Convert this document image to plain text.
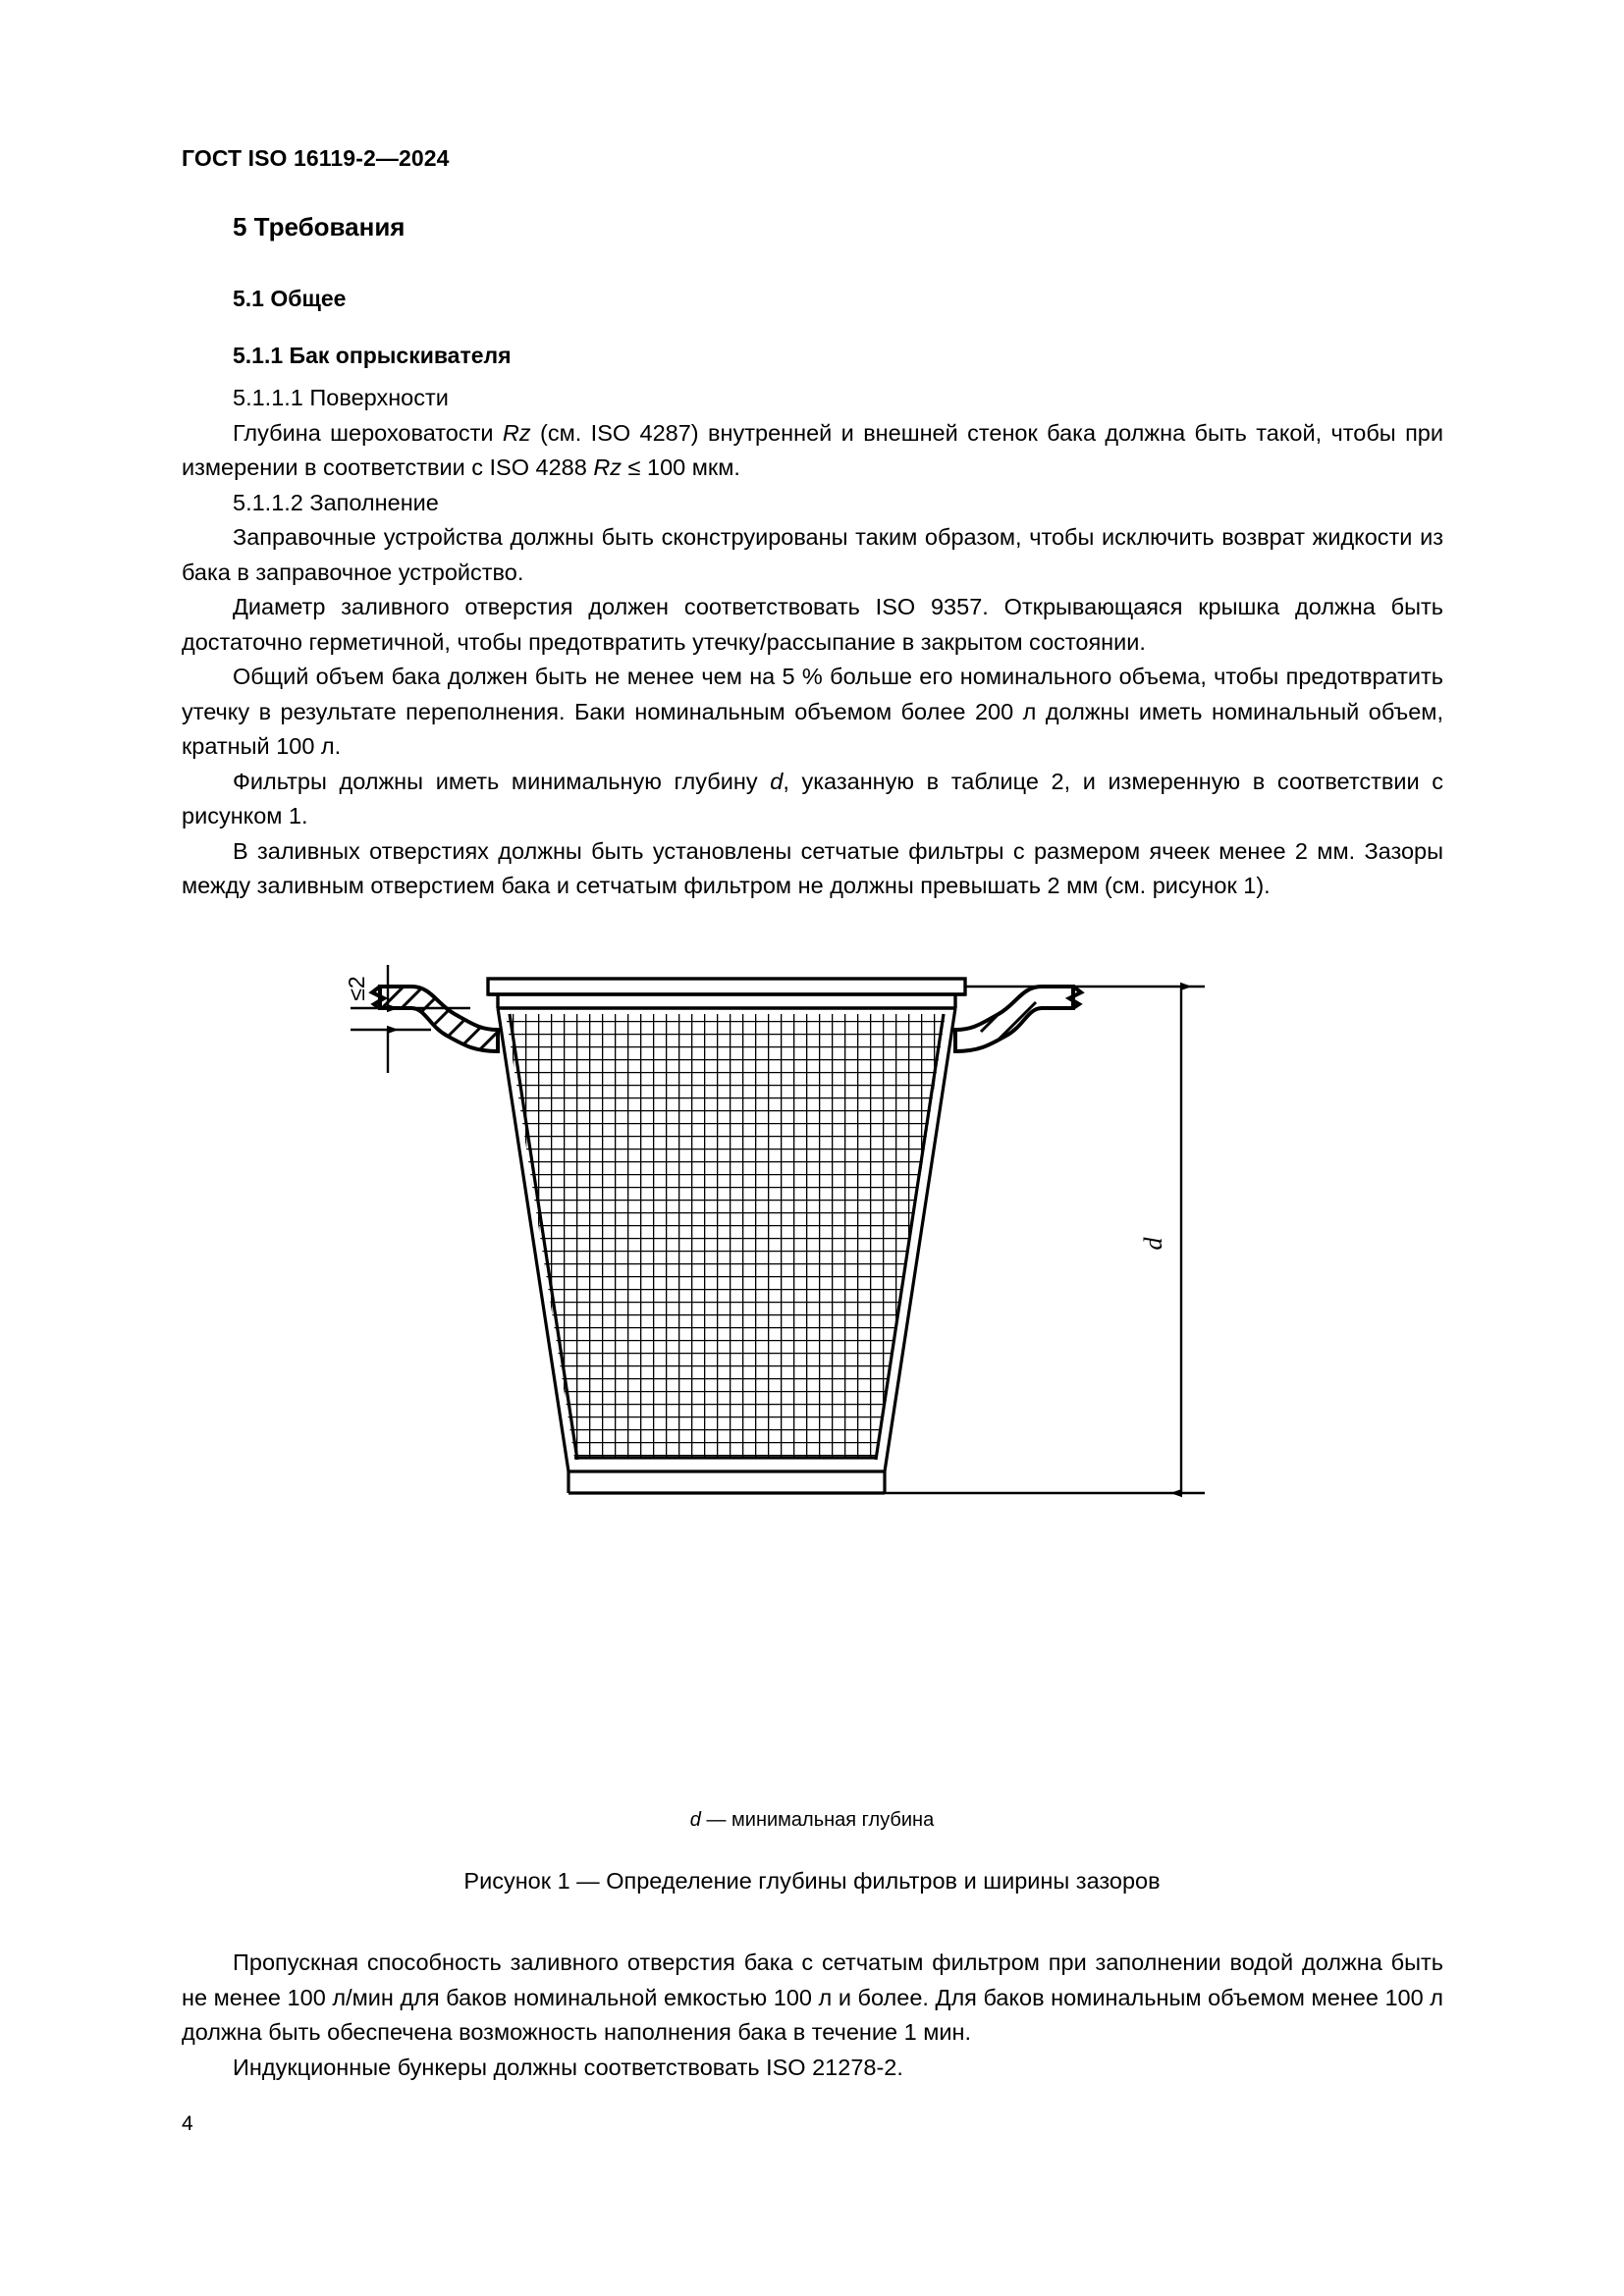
ГОСТ ISO 16119-2—2024
5 Требования
5.1 Общее
5.1.1 Бак опрыскивателя

5.1.1.1 Поверхности

Глубина шероховатости Rz (см. ISO 4287) внутренней и внешней стенок бака должна быть такой, чтобы при измерении в соответствии с ISO 4288 Rz ≤ 100 мкм.

5.1.1.2 Заполнение

Заправочные устройства должны быть сконструированы таким образом, чтобы исключить возврат жидкости из бака в заправочное устройство.

Диаметр заливного отверстия должен соответствовать ISO 9357. Открывающаяся крышка должна быть достаточно герметичной, чтобы предотвратить утечку/рассыпание в закрытом состоянии.

Общий объем бака должен быть не менее чем на 5 % больше его номинального объема, чтобы предотвратить утечку в результате переполнения. Баки номинальным объемом более 200 л должны иметь номинальный объем, кратный 100 л.

Фильтры должны иметь минимальную глубину d, указанную в таблице 2, и измеренную в соответствии с рисунком 1.

В заливных отверстиях должны быть установлены сетчатые фильтры с размером ячеек менее 2 мм. Зазоры между заливным отверстием бака и сетчатым фильтром не должны превышать 2 мм (см. рисунок 1).

≤2
d
d — минимальная глубина
Рисунок 1 — Определение глубины фильтров и ширины зазоров

Пропускная способность заливного отверстия бака с сетчатым фильтром при заполнении водой должна быть не менее 100 л/мин для баков номинальной емкостью 100 л и более. Для баков номинальным объемом менее 100 л должна быть обеспечена возможность наполнения бака в течение 1 мин.

Индукционные бункеры должны соответствовать ISO 21278-2.

4
